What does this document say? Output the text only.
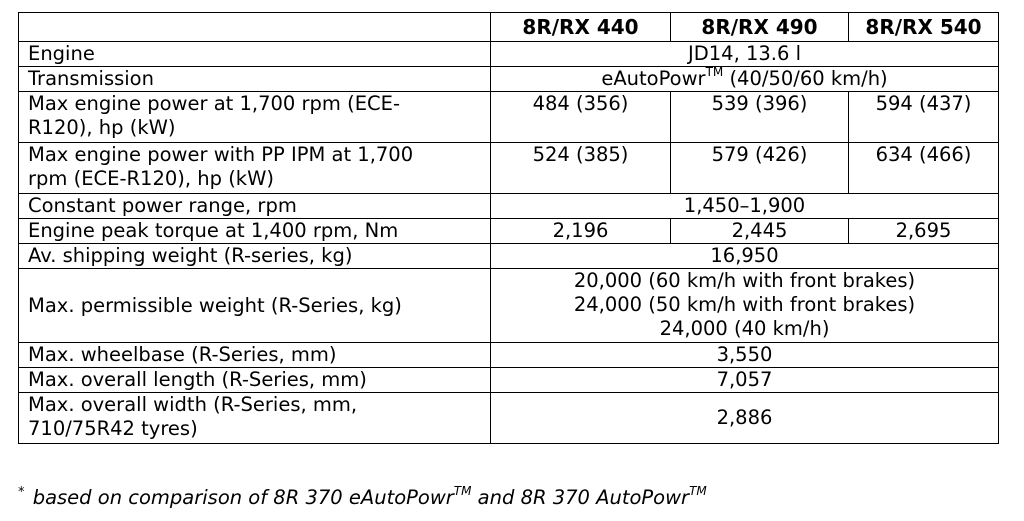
	8R/RX 440	8R/RX 490	8R/RX 540
Engine	JD14, 13.6 l		
Transmission	eAutoPowr™ (40/50/60 km/h)		
Max engine power at 1,700 rpm (ECE-
R120), hp (kW)	484 (356)	539 (396)	594 (437)
Max engine power with PP IPM at 1,700
rpm (ECE-R120), hp (kW)	524 (385)	579 (426)	634 (466)
Constant power range, rpm	1,450–1,900		
Engine peak torque at 1,400 rpm, Nm	2,196	2,445	2,695
Av. shipping weight (R-series, kg)	16,950		
Max. permissible weight (R-Series, kg)	20,000 (60 km/h with front brakes)
24,000 (50 km/h with front brakes)
24,000 (40 km/h)		
Max. wheelbase (R-Series, mm)	3,550		
Max. overall length (R-Series, mm)	7,057		
Max. overall width (R-Series, mm,
710/75R42 tyres)	2,886		
* based on comparison of 8R 370 eAutoPowr™ and 8R 370 AutoPowr™
